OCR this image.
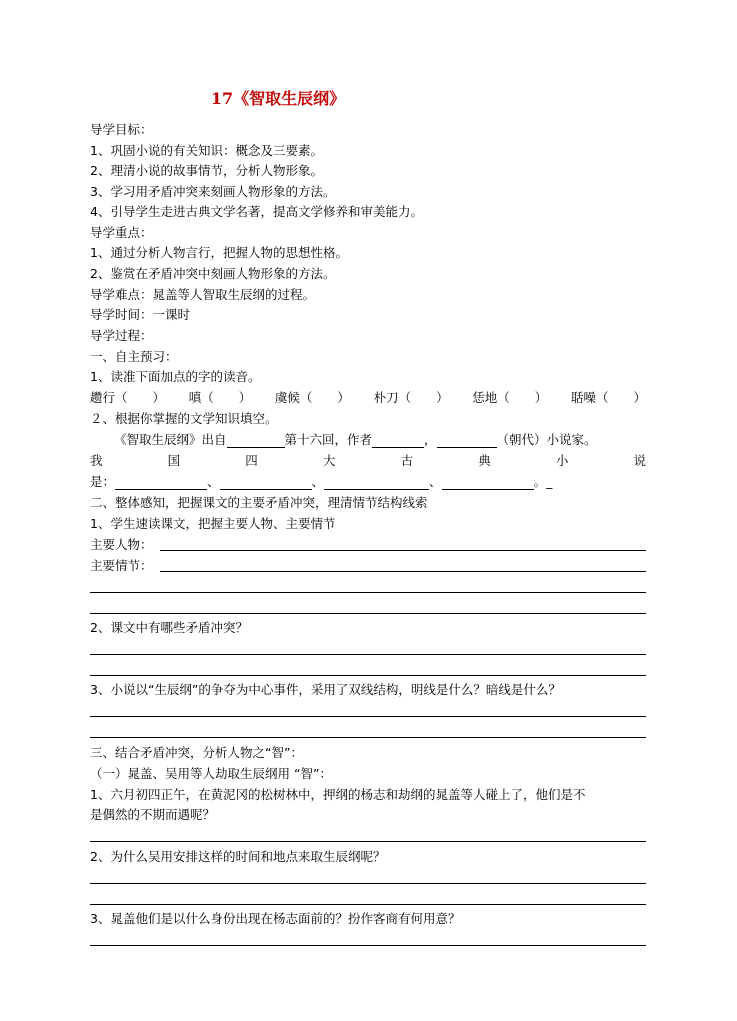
17《智取生辰纲》
导学目标：
1、巩固小说的有关知识：概念及三要素。
2、理清小说的故事情节，分析人物形象。
3、学习用矛盾冲突来刻画人物形象的方法。
4、引导学生走进古典文学名著，提高文学修养和审美能力。
导学重点：
1、通过分析人物言行，把握人物的思想性格。
2、鉴赏在矛盾冲突中刻画人物形象的方法。
导学难点：晁盖等人智取生辰纲的过程。
导学时间：一课时
导学过程：
一、自主预习：
1、读准下面加点的字的读音。
趱行（　　） 嗔（　　） 虞候（　　） 朴刀（　　） 恁地（　　） 聒噪（　　）
２、根据你掌握的文学知识填空。
《智取生辰纲》出自	第十六回，作者	，	（朝代）小说家。
我	国	四	大	古	典	小	说
是：	、	、	、	。_
二、整体感知，把握课文的主要矛盾冲突，理清情节结构线索
1、学生速读课文，把握主要人物、主要情节
主要人物：
主要情节：
2、课文中有哪些矛盾冲突？
3、小说以“生辰纲”的争夺为中心事件，采用了双线结构，明线是什么？暗线是什么？
三、结合矛盾冲突，分析人物之“智”：
（一）晁盖、吴用等人劫取生辰纲用 “智”：
1、六月初四正午，在黄泥冈的松树林中，押纲的杨志和劫纲的晁盖等人碰上了，他们是不
是偶然的不期而遇呢？
2、为什么吴用安排这样的时间和地点来取生辰纲呢？
3、晁盖他们是以什么身份出现在杨志面前的？扮作客商有何用意？
